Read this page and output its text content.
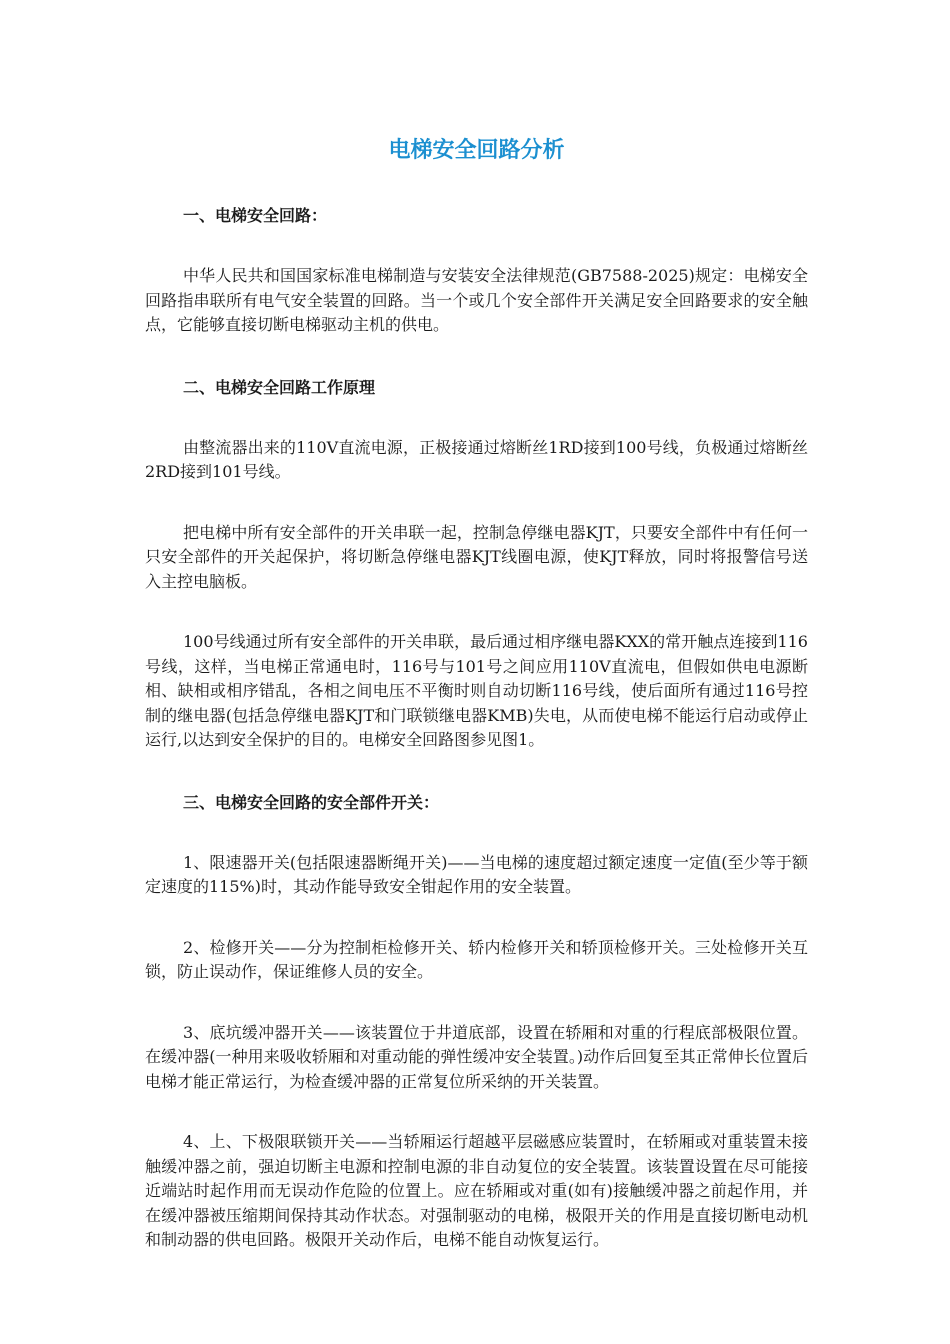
电梯安全回路分析

一、电梯安全回路：

中华人民共和国国家标准电梯制造与安装安全法律规范(GB7588-2025)规定：电梯安全回路指串联所有电气安全装置的回路。当一个或几个安全部件开关满足安全回路要求的安全触点，它能够直接切断电梯驱动主机的供电。

二、电梯安全回路工作原理

由整流器出来的110V直流电源，正极接通过熔断丝1RD接到100号线，负极通过熔断丝2RD接到101号线。

把电梯中所有安全部件的开关串联一起，控制急停继电器KJT，只要安全部件中有任何一只安全部件的开关起保护，将切断急停继电器KJT线圈电源，使KJT释放，同时将报警信号送入主控电脑板。

100号线通过所有安全部件的开关串联，最后通过相序继电器KXX的常开触点连接到116号线，这样，当电梯正常通电时，116号与101号之间应用110V直流电，但假如供电电源断相、缺相或相序错乱，各相之间电压不平衡时则自动切断116号线，使后面所有通过116号控制的继电器(包括急停继电器KJT和门联锁继电器KMB)失电，从而使电梯不能运行启动或停止运行,以达到安全保护的目的。电梯安全回路图参见图1。

三、电梯安全回路的安全部件开关：

1、限速器开关(包括限速器断绳开关)——当电梯的速度超过额定速度一定值(至少等于额定速度的115%)时，其动作能导致安全钳起作用的安全装置。

2、检修开关——分为控制柜检修开关、轿内检修开关和轿顶检修开关。三处检修开关互锁，防止误动作，保证维修人员的安全。

3、底坑缓冲器开关——该装置位于井道底部，设置在轿厢和对重的行程底部极限位置。在缓冲器(一种用来吸收轿厢和对重动能的弹性缓冲安全装置。)动作后回复至其正常伸长位置后电梯才能正常运行，为检查缓冲器的正常复位所采纳的开关装置。

4、上、下极限联锁开关——当轿厢运行超越平层磁感应装置时，在轿厢或对重装置未接触缓冲器之前，强迫切断主电源和控制电源的非自动复位的安全装置。该装置设置在尽可能接近端站时起作用而无误动作危险的位置上。应在轿厢或对重(如有)接触缓冲器之前起作用，并在缓冲器被压缩期间保持其动作状态。对强制驱动的电梯，极限开关的作用是直接切断电动机和制动器的供电回路。极限开关动作后，电梯不能自动恢复运行。
